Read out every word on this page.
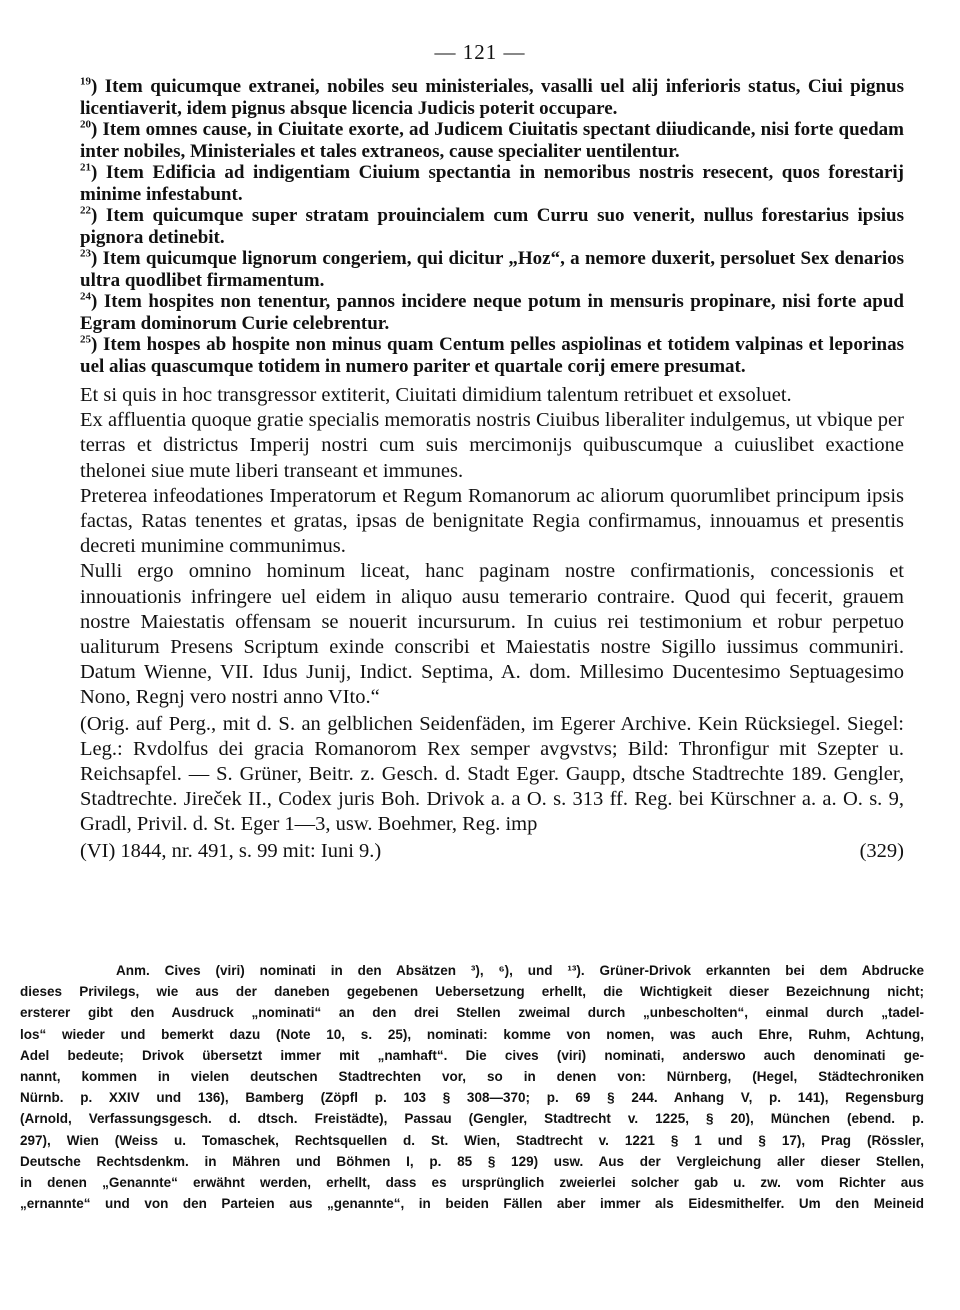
— 121 —

$^{19}$) Item quicumque extranei, nobiles seu ministeriales, vasalli uel alij inferioris status, Ciui pignus licentiaverit, idem pignus absque licencia Judicis poterit occupare.

$^{20}$) Item omnes cause, in Ciuitate exorte, ad Judicem Ciuitatis spectant diiudicande, nisi forte quedam inter nobiles, Ministeriales et tales extraneos, cause specialiter uentilentur.

$^{21}$) Item Edificia ad indigentiam Ciuium spectantia in nemoribus nostris resecent, quos forestarij minime infestabunt.

$^{22}$) Item quicumque super stratam prouincialem cum Curru suo venerit, nullus forestarius ipsius pignora detinebit.

$^{23}$) Item quicumque lignorum congeriem, qui dicitur „Hoz“, a nemore duxerit, persoluet Sex denarios ultra quodlibet firmamentum.

$^{24}$) Item hospites non tenentur, pannos incidere neque potum in mensuris propinare, nisi forte apud Egram dominorum Curie celebrentur.

$^{25}$) Item hospes ab hospite non minus quam Centum pelles aspiolinas et totidem valpinas et leporinas uel alias quascumque totidem in numero pariter et quartale corij emere presumat.

Et si quis in hoc transgressor extiterit, Ciuitati dimidium talentum retribuet et exsoluet.

Ex affluentia quoque gratie specialis memoratis nostris Ciuibus liberaliter indulgemus, ut vbique per terras et districtus Imperij nostri cum suis mercimonijs quibuscumque a cuiuslibet exactione thelonei siue mute liberi transeant et immunes.

Preterea infeodationes Imperatorum et Regum Romanorum ac aliorum quorumlibet principum ipsis factas, Ratas tenentes et gratas, ipsas de benignitate Regia confirmamus, innouamus et presentis decreti munimine communimus.

Nulli ergo omnino hominum liceat, hanc paginam nostre confirmationis, concessionis et innouationis infringere uel eidem in aliquo ausu temerario contraire. Quod qui fecerit, grauem nostre Maiestatis offensam se nouerit incursurum. In cuius rei testimonium et robur perpetuo ualiturum Presens Scriptum exinde conscribi et Maiestatis nostre Sigillo iussimus communiri. Datum Wienne, VII. Idus Junij, Indict. Septima, A. dom. Millesimo Ducentesimo Septuagesimo Nono, Regnj vero nostri anno VIto.“

(Orig. auf Perg., mit d. S. an gelblichen Seidenfäden, im Egerer Archive. Kein Rücksiegel. Siegel: Leg.: Rvdolfus dei gracia Romanorom Rex semper avgvstvs; Bild: Thronfigur mit Szepter u. Reichsapfel. — S. Grüner, Beitr. z. Gesch. d. Stadt Eger. Gaupp, dtsche Stadtrechte 189. Gengler, Stadtrechte. Jireček II., Codex juris Boh. Drivok a. a O. s. 313 ff. Reg. bei Kürschner a. a. O. s. 9, Gradl, Privil. d. St. Eger 1—3, usw. Boehmer, Reg. imp

(VI) 1844, nr. 491, s. 99 mit: Iuni 9.)	(329)
Anm. Cives (viri) nominati in den Absätzen ³), ⁶), und ¹³). Grüner-Drivok erkannten bei dem Abdrucke
dieses Privilegs, wie aus der daneben gegebenen Uebersetzung erhellt, die Wichtigkeit dieser Bezeichnung nicht;
ersterer gibt den Ausdruck „nominati“ an den drei Stellen zweimal durch „unbescholten“, einmal durch „tadel-
los“ wieder und bemerkt dazu (Note 10, s. 25), nominati: komme von nomen, was auch Ehre, Ruhm, Achtung,
Adel bedeute; Drivok übersetzt immer mit „namhaft“. Die cives (viri) nominati, anderswo auch denominati ge-
nannt, kommen in vielen deutschen Stadtrechten vor, so in denen von: Nürnberg, (Hegel, Städtechroniken
Nürnb. p. XXIV und 136), Bamberg (Zöpfl p. 103 § 308—370; p. 69 § 244. Anhang V, p. 141), Regensburg
(Arnold, Verfassungsgesch. d. dtsch. Freistädte), Passau (Gengler, Stadtrecht v. 1225, § 20), München (ebend. p.
297), Wien (Weiss u. Tomaschek, Rechtsquellen d. St. Wien, Stadtrecht v. 1221 § 1 und § 17), Prag (Rössler,
Deutsche Rechtsdenkm. in Mähren und Böhmen I, p. 85 § 129) usw. Aus der Vergleichung aller dieser Stellen,
in denen „Genannte“ erwähnt werden, erhellt, dass es ursprünglich zweierlei solcher gab u. zw. vom Richter aus
„ernannte“ und von den Parteien aus „genannte“, in beiden Fällen aber immer als Eidesmithelfer. Um den Meineid
